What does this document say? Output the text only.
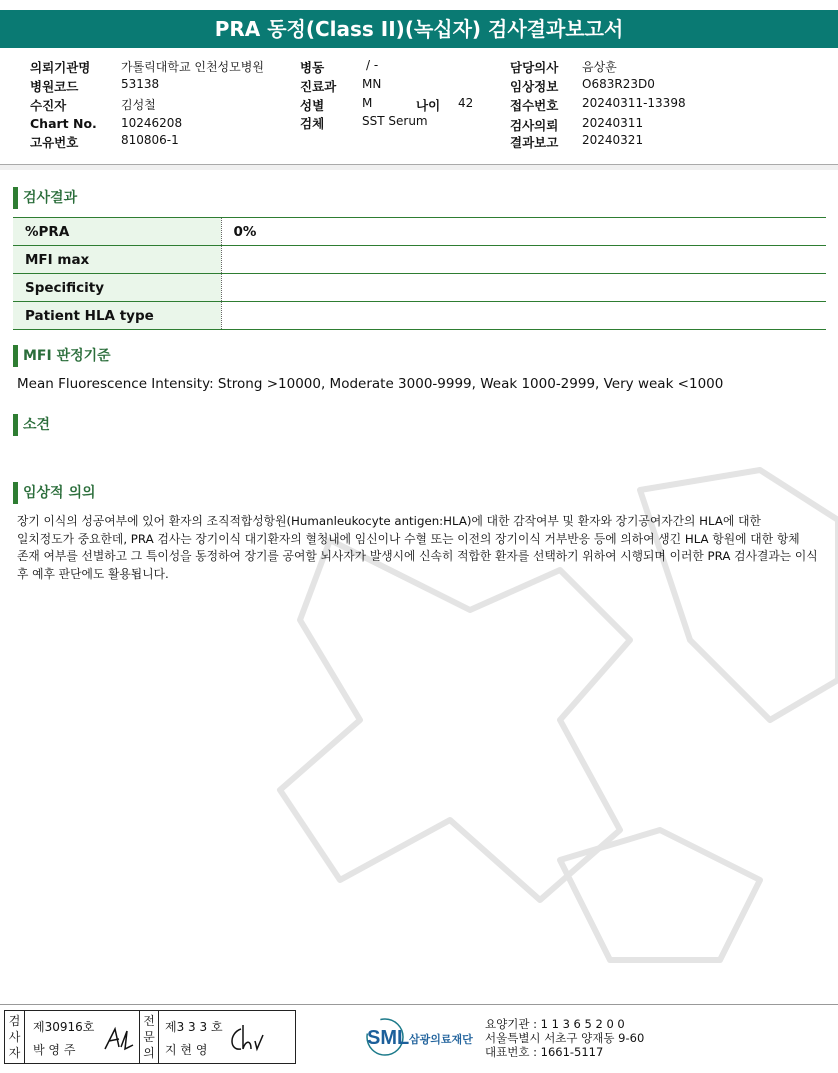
PRA 동정(Class II)(녹십자) 검사결과보고서
의뢰기관명	가톨릭대학교 인천성모병원
병원코드	53138
수진자	김성철
Chart No. 10246208
고유번호	810806-1
병동	/ -
진료과 MN
성별	M	나이 42
검체	SST Serum
담당의사 음상훈
임상정보 O683R23D0
접수번호 20240311-13398
검사의뢰 20240311
결과보고 20240321
검사결과
%PRA	0%
MFI max	
Specificity	
Patient HLA type	
MFI 판정기준
Mean Fluorescence Intensity: Strong >10000, Moderate 3000-9999, Weak 1000-2999, Very weak <1000
소견
임상적 의의
장기 이식의 성공여부에 있어 환자의 조직적합성항원(Humanleukocyte antigen:HLA)에 대한 감작여부 및 환자와 장기공여자간의 HLA에 대한
일치정도가 중요한데, PRA 검사는 장기이식 대기환자의 혈청내에 임신이나 수혈 또는 이전의 장기이식 거부반응 등에 의하여 생긴 HLA 항원에 대한 항체
존재 여부를 선별하고 그 특이성을 동정하여 장기를 공여할 뇌사자가 발생시에 신속히 적합한 환자를 선택하기 위하여 시행되며 이러한 PRA 검사결과는 이식
후 예후 판단에도 활용됩니다.
검사자
제30916호
박 영 주
전문의
제3 3 3 호
지 현 영
SML 삼광의료재단
요양기관 : 1 1 3 6 5 2 0 0
서울특별시 서초구 양재동 9-60
대표번호 : 1661-5117
